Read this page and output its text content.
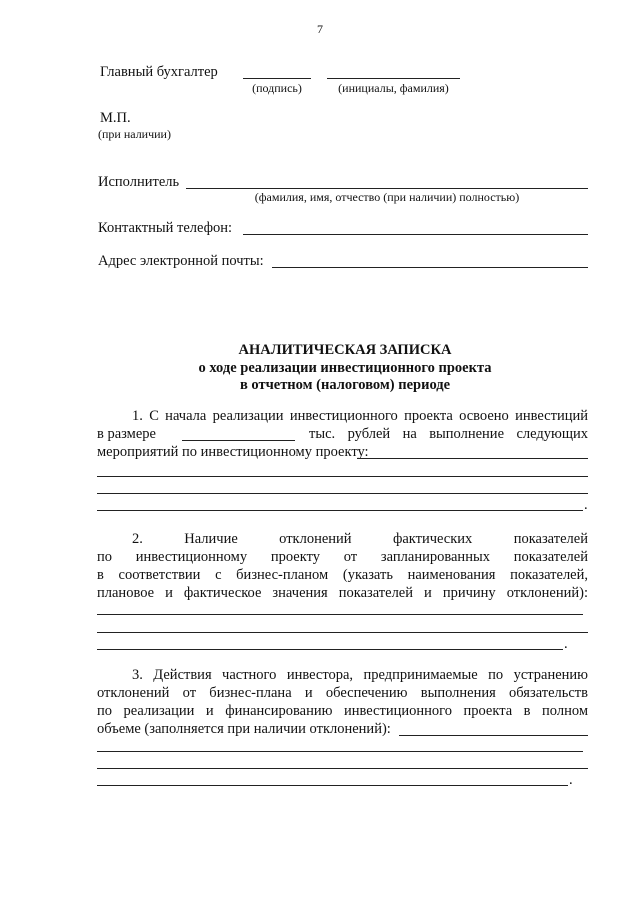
7
Главный бухгалтер
(подпись)	(инициалы, фамилия)
М.П.
(при наличии)
Исполнитель
(фамилия, имя, отчество (при наличии) полностью)
Контактный телефон:
Адрес электронной почты:
АНАЛИТИЧЕСКАЯ ЗАПИСКА
о ходе реализации инвестиционного проекта
в отчетном (налоговом) периоде
1. С начала реализации инвестиционного проекта освоено инвестиций
в размере	тыс. рублей на выполнение следующих
мероприятий по инвестиционному проекту:
.
2.	Наличие	отклонений	фактических	показателей
по инвестиционному проекту от запланированных показателей
в соответствии с бизнес-планом (указать наименования показателей,
плановое и фактическое значения показателей и причину отклонений):
.
3. Действия частного инвестора, предпринимаемые по устранению
отклонений от бизнес-плана и обеспечению выполнения обязательств
по реализации и финансированию инвестиционного проекта в полном
объеме (заполняется при наличии отклонений):
.
